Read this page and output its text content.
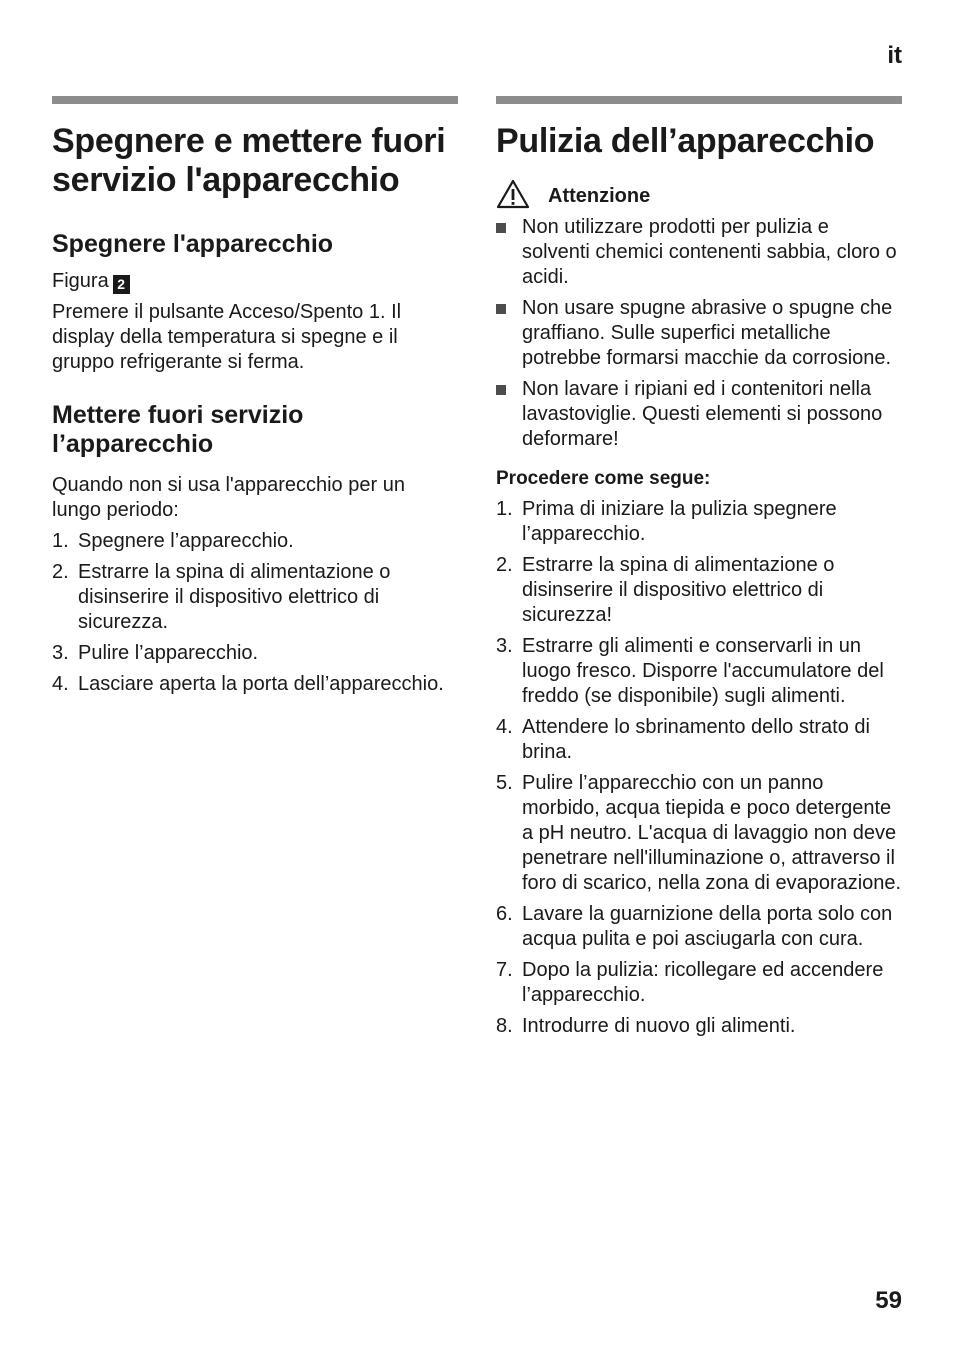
it
Spegnere e mettere fuori servizio l'apparecchio
Spegnere l'apparecchio

Figura 2

Premere il pulsante Acceso/Spento 1. Il display della temperatura si spegne e il gruppo refrigerante si ferma.

Mettere fuori servizio l’apparecchio

Quando non si usa l'apparecchio per un lungo periodo:

1. Spegnere l’apparecchio.
2. Estrarre la spina di alimentazione o disinserire il dispositivo elettrico di sicurezza.
3. Pulire l’apparecchio.
4. Lasciare aperta la porta dell’apparecchio.
Pulizia dell’apparecchio
Attenzione
Non utilizzare prodotti per pulizia e solventi chemici contenenti sabbia, cloro o acidi.
Non usare spugne abrasive o spugne che graffiano. Sulle superfici metalliche potrebbe formarsi macchie da corrosione.
Non lavare i ripiani ed i contenitori nella lavastoviglie. Questi elementi si possono deformare!
Procedere come segue:
1. Prima di iniziare la pulizia spegnere l’apparecchio.
2. Estrarre la spina di alimentazione o disinserire il dispositivo elettrico di sicurezza!
3. Estrarre gli alimenti e conservarli in un luogo fresco. Disporre l'accumulatore del freddo (se disponibile) sugli alimenti.
4. Attendere lo sbrinamento dello strato di brina.
5. Pulire l’apparecchio con un panno morbido, acqua tiepida e poco detergente a pH neutro. L'acqua di lavaggio non deve penetrare nell'illuminazione o, attraverso il foro di scarico, nella zona di evaporazione.
6. Lavare la guarnizione della porta solo con acqua pulita e poi asciugarla con cura.
7. Dopo la pulizia: ricollegare ed accendere l’apparecchio.
8. Introdurre di nuovo gli alimenti.
59
